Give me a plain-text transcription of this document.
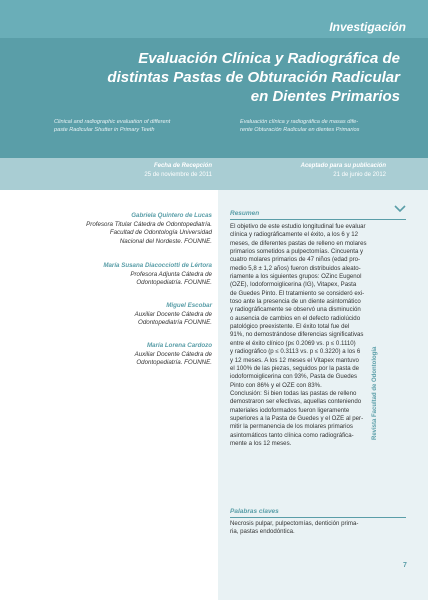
Investigación
Evaluación Clínica y Radiográfica de
distintas Pastas de Obturación Radicular
en Dientes Primarios
Clinical and radiographic evaluation of different
paste Radicular Shutter in Primary Teeth
Evaluación clínica y radiográfica de masas dife-
rente Obturación Radicular en dientes Primarios
Fecha de Recepción
25 de noviembre de 2011
Aceptado para su publicación
21 de junio de 2012
Gabriela Quintero de Lucas
Profesora Titular Cátedra de Odontopediatría.
Facultad de Odontología Universidad
Nacional del Nordeste. FOUNNE.
María Susana Diacocciotti de Lértora
Profesora Adjunta Cátedra de
Odontopediatría. FOUNNE.
Miguel Escobar
Auxiliar Docente Cátedra de
Odontopediatría FOUNNE.
María Lorena Cardozo
Auxiliar Docente Cátedra de
Odontopediatría. FOUNNE.
Resumen
El objetivo de este estudio longitudinal fue evaluar
clínica y radiográficamente el éxito, a los 6 y 12
meses, de diferentes pastas de relleno en molares
primarios sometidos a pulpectomías. Cincuenta y
cuatro molares primarios de 47 niños (edad pro-
medio 5,8 ± 1,2 años) fueron distribuidos aleato-
riamente a los siguientes grupos: OZinc Eugenol
(OZE), Iodoformoiglicerina (IG), Vitapex, Pasta
de Guedes Pinto. El tratamiento se consideró exi-
toso ante la presencia de un diente asintomático
y radiográficamente se observó una disminución
o ausencia de cambios en el defecto radiolúcido
patológico preexistente. El éxito total fue del
91%, no demostrándose diferencias significativas
entre el éxito clínico (p≤ 0.2069 vs. p ≤ 0.1110)
y radiográfico (p ≤ 0.3113 vs. p ≤ 0.3220) a los 6
y 12 meses. A los 12 meses el Vitapex mantuvo
el 100% de las piezas, seguidos por la pasta de
iodoformoiglicerina con 93%, Pasta de Guedes
Pinto con 86% y el OZE con 83%.
Conclusión: Si bien todas las pastas de relleno
demostraron ser efectivas, aquellas conteniendo
materiales iodoformados fueron ligeramente
superiores a la Pasta de Guedes y el OZE al per-
mitir la permanencia de los molares primarios
asintomáticos tanto clínica como radiográfica-
mente a los 12 meses.
Palabras claves
Necrosis pulpar, pulpectomías, dentición prima-
ria, pastas endodóntica.
Revista Facultad de Odontología
7
